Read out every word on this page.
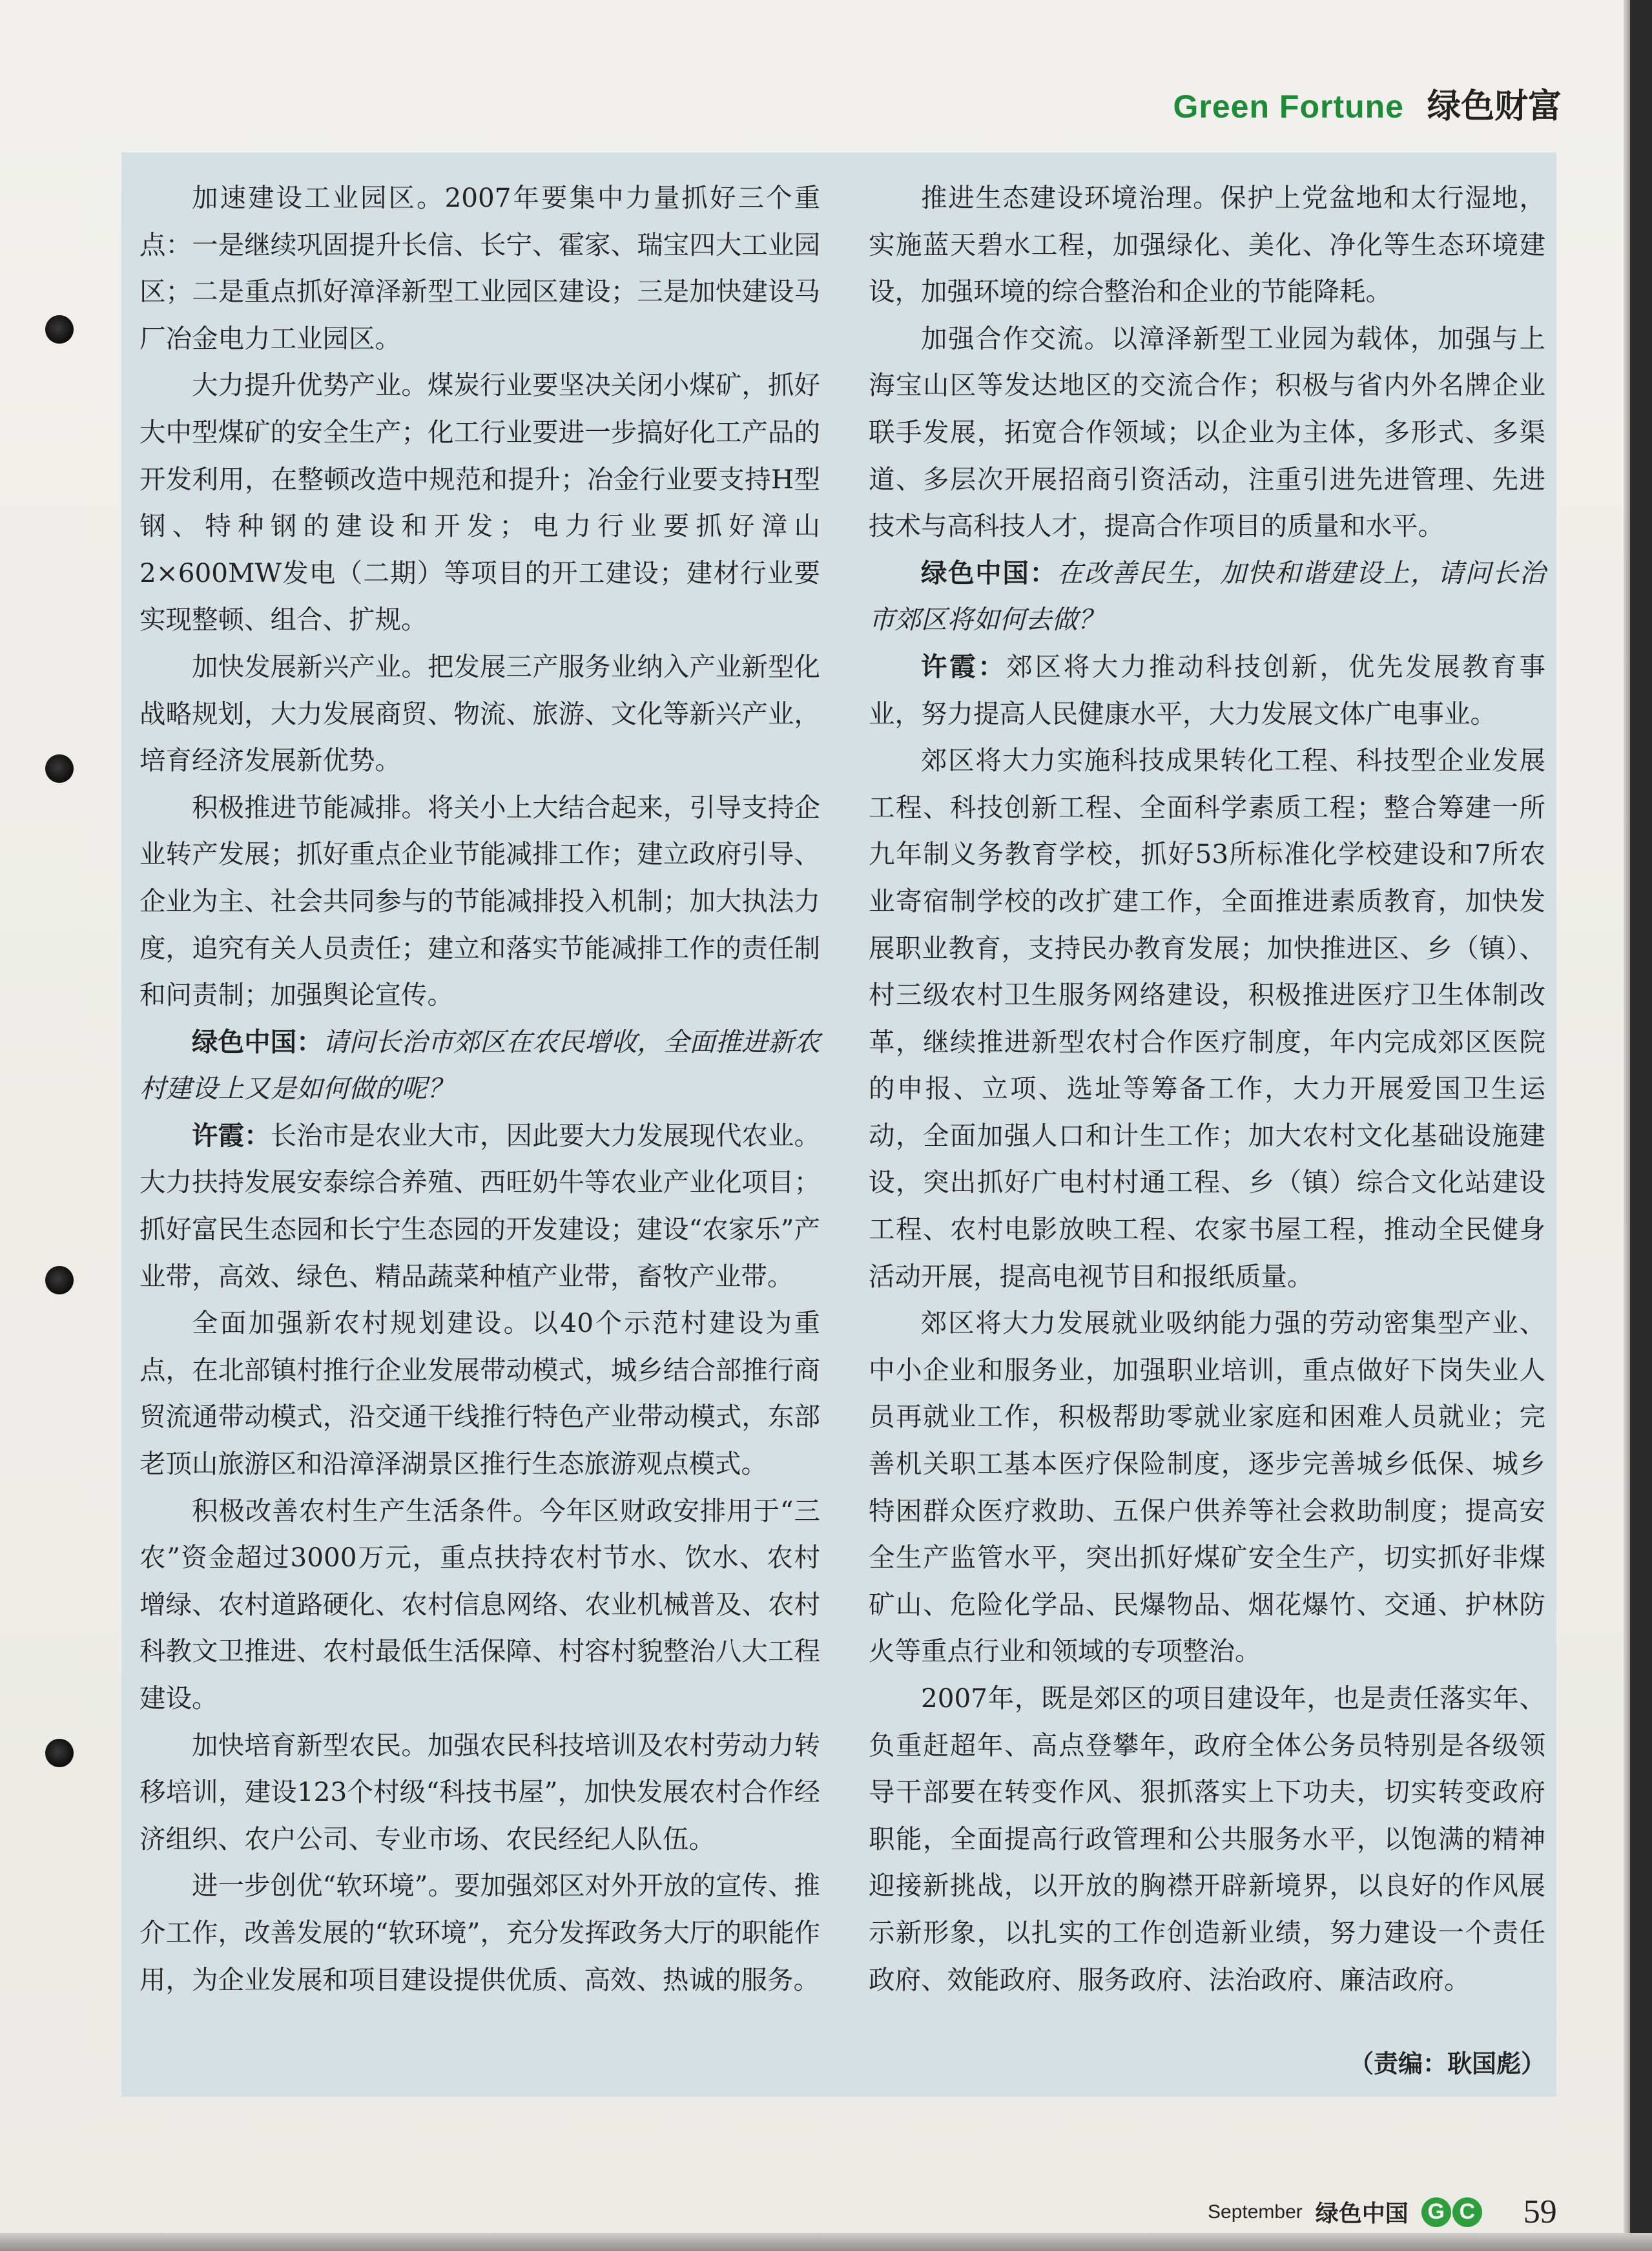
Green Fortune 绿色财富

加速建设工业园区。2007年要集中力量抓好三个重点：一是继续巩固提升长信、长宁、霍家、瑞宝四大工业园区；二是重点抓好漳泽新型工业园区建设；三是加快建设马厂冶金电力工业园区。

大力提升优势产业。煤炭行业要坚决关闭小煤矿，抓好大中型煤矿的安全生产；化工行业要进一步搞好化工产品的开发利用，在整顿改造中规范和提升；冶金行业要支持H型钢、特种钢的建设和开发；电力行业要抓好漳山2×600MW发电（二期）等项目的开工建设；建材行业要实现整顿、组合、扩规。

加快发展新兴产业。把发展三产服务业纳入产业新型化战略规划，大力发展商贸、物流、旅游、文化等新兴产业，培育经济发展新优势。

积极推进节能减排。将关小上大结合起来，引导支持企业转产发展；抓好重点企业节能减排工作；建立政府引导、企业为主、社会共同参与的节能减排投入机制；加大执法力度，追究有关人员责任；建立和落实节能减排工作的责任制和问责制；加强舆论宣传。

绿色中国：请问长治市郊区在农民增收，全面推进新农村建设上又是如何做的呢？

许霞：长治市是农业大市，因此要大力发展现代农业。大力扶持发展安泰综合养殖、西旺奶牛等农业产业化项目；抓好富民生态园和长宁生态园的开发建设；建设“农家乐”产业带，高效、绿色、精品蔬菜种植产业带，畜牧产业带。

全面加强新农村规划建设。以40个示范村建设为重点，在北部镇村推行企业发展带动模式，城乡结合部推行商贸流通带动模式，沿交通干线推行特色产业带动模式，东部老顶山旅游区和沿漳泽湖景区推行生态旅游观点模式。

积极改善农村生产生活条件。今年区财政安排用于“三农”资金超过3000万元，重点扶持农村节水、饮水、农村增绿、农村道路硬化、农村信息网络、农业机械普及、农村科教文卫推进、农村最低生活保障、村容村貌整治八大工程建设。

加快培育新型农民。加强农民科技培训及农村劳动力转移培训，建设123个村级“科技书屋”，加快发展农村合作经济组织、农户公司、专业市场、农民经纪人队伍。

进一步创优“软环境”。要加强郊区对外开放的宣传、推介工作，改善发展的“软环境”，充分发挥政务大厅的职能作用，为企业发展和项目建设提供优质、高效、热诚的服务。

推进生态建设环境治理。保护上党盆地和太行湿地，实施蓝天碧水工程，加强绿化、美化、净化等生态环境建设，加强环境的综合整治和企业的节能降耗。

加强合作交流。以漳泽新型工业园为载体，加强与上海宝山区等发达地区的交流合作；积极与省内外名牌企业联手发展，拓宽合作领域；以企业为主体，多形式、多渠道、多层次开展招商引资活动，注重引进先进管理、先进技术与高科技人才，提高合作项目的质量和水平。

绿色中国：在改善民生，加快和谐建设上，请问长治市郊区将如何去做？

许霞：郊区将大力推动科技创新，优先发展教育事业，努力提高人民健康水平，大力发展文体广电事业。

郊区将大力实施科技成果转化工程、科技型企业发展工程、科技创新工程、全面科学素质工程；整合筹建一所九年制义务教育学校，抓好53所标准化学校建设和7所农业寄宿制学校的改扩建工作，全面推进素质教育，加快发展职业教育，支持民办教育发展；加快推进区、乡（镇）、村三级农村卫生服务网络建设，积极推进医疗卫生体制改革，继续推进新型农村合作医疗制度，年内完成郊区医院的申报、立项、选址等筹备工作，大力开展爱国卫生运动，全面加强人口和计生工作；加大农村文化基础设施建设，突出抓好广电村村通工程、乡（镇）综合文化站建设工程、农村电影放映工程、农家书屋工程，推动全民健身活动开展，提高电视节目和报纸质量。

郊区将大力发展就业吸纳能力强的劳动密集型产业、中小企业和服务业，加强职业培训，重点做好下岗失业人员再就业工作，积极帮助零就业家庭和困难人员就业；完善机关职工基本医疗保险制度，逐步完善城乡低保、城乡特困群众医疗救助、五保户供养等社会救助制度；提高安全生产监管水平，突出抓好煤矿安全生产，切实抓好非煤矿山、危险化学品、民爆物品、烟花爆竹、交通、护林防火等重点行业和领域的专项整治。

2007年，既是郊区的项目建设年，也是责任落实年、负重赶超年、高点登攀年，政府全体公务员特别是各级领导干部要在转变作风、狠抓落实上下功夫，切实转变政府职能，全面提高行政管理和公共服务水平，以饱满的精神迎接新挑战，以开放的胸襟开辟新境界，以良好的作风展示新形象，以扎实的工作创造新业绩，努力建设一个责任政府、效能政府、服务政府、法治政府、廉洁政府。

（责编：耿国彪）
September 绿色中国 G C 59
